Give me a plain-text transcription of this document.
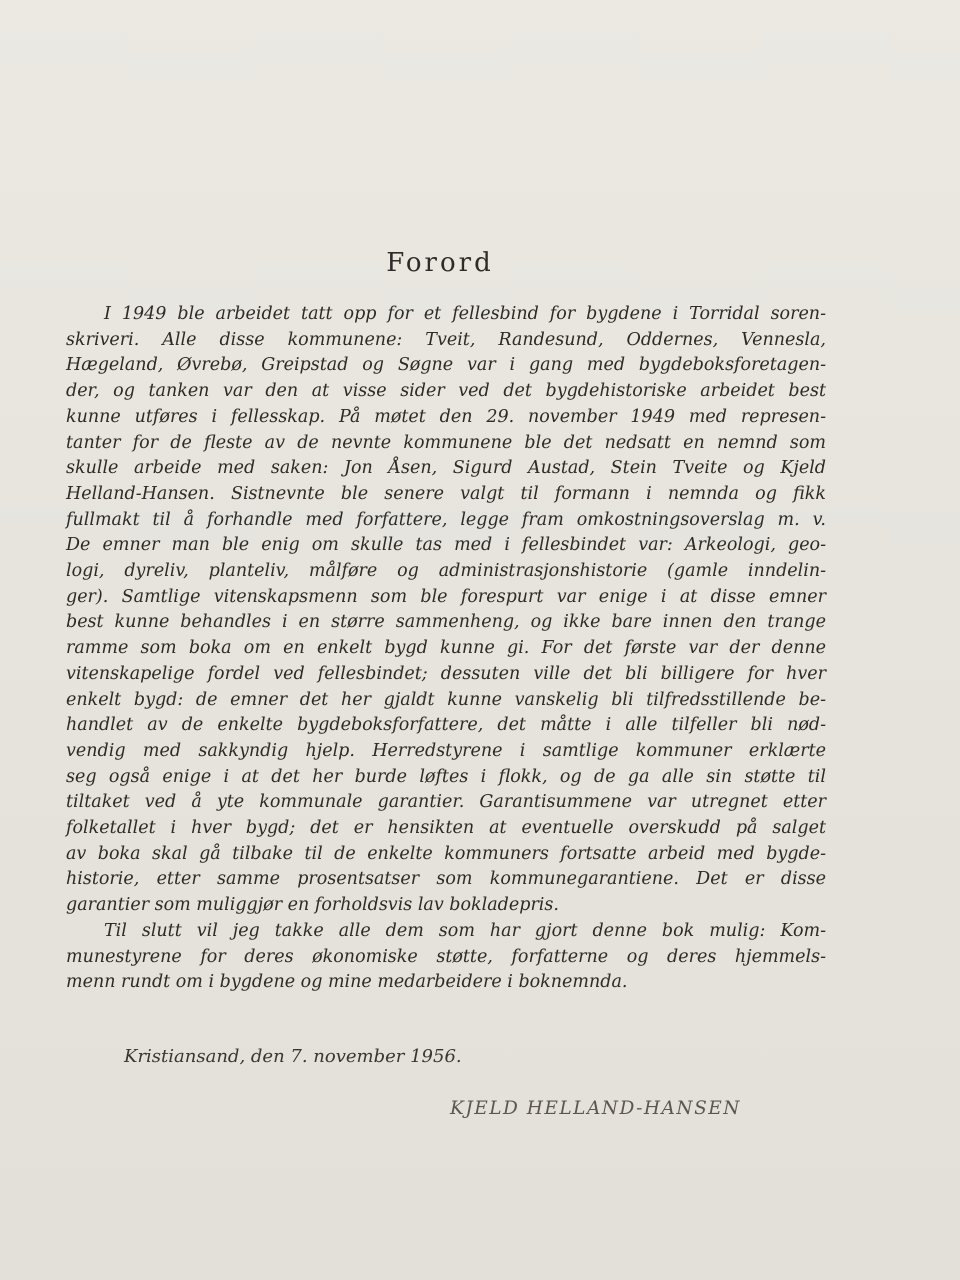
Forord
I 1949 ble arbeidet tatt opp for et fellesbind for bygdene i Torridal soren-
skriveri. Alle disse kommunene: Tveit, Randesund, Oddernes, Vennesla,
Hægeland, Øvrebø, Greipstad og Søgne var i gang med bygdeboksforetagen-
der, og tanken var den at visse sider ved det bygdehistoriske arbeidet best
kunne utføres i fellesskap. På møtet den 29. november 1949 med represen-
tanter for de fleste av de nevnte kommunene ble det nedsatt en nemnd som
skulle arbeide med saken: Jon Åsen, Sigurd Austad, Stein Tveite og Kjeld
Helland-Hansen. Sistnevnte ble senere valgt til formann i nemnda og fikk
fullmakt til å forhandle med forfattere, legge fram omkostningsoverslag m. v.
De emner man ble enig om skulle tas med i fellesbindet var: Arkeologi, geo-
logi, dyreliv, planteliv, målføre og administrasjonshistorie (gamle inndelin-
ger). Samtlige vitenskapsmenn som ble forespurt var enige i at disse emner
best kunne behandles i en større sammenheng, og ikke bare innen den trange
ramme som boka om en enkelt bygd kunne gi. For det første var der denne
vitenskapelige fordel ved fellesbindet; dessuten ville det bli billigere for hver
enkelt bygd: de emner det her gjaldt kunne vanskelig bli tilfredsstillende be-
handlet av de enkelte bygdeboksforfattere, det måtte i alle tilfeller bli nød-
vendig med sakkyndig hjelp. Herredstyrene i samtlige kommuner erklærte
seg også enige i at det her burde løftes i flokk, og de ga alle sin støtte til
tiltaket ved å yte kommunale garantier. Garantisummene var utregnet etter
folketallet i hver bygd; det er hensikten at eventuelle overskudd på salget
av boka skal gå tilbake til de enkelte kommuners fortsatte arbeid med bygde-
historie, etter samme prosentsatser som kommunegarantiene. Det er disse
garantier som muliggjør en forholdsvis lav bokladepris.
Til slutt vil jeg takke alle dem som har gjort denne bok mulig: Kom-
munestyrene for deres økonomiske støtte, forfatterne og deres hjemmels-
menn rundt om i bygdene og mine medarbeidere i boknemnda.
Kristiansand, den 7. november 1956.
KJELD HELLAND-HANSEN
